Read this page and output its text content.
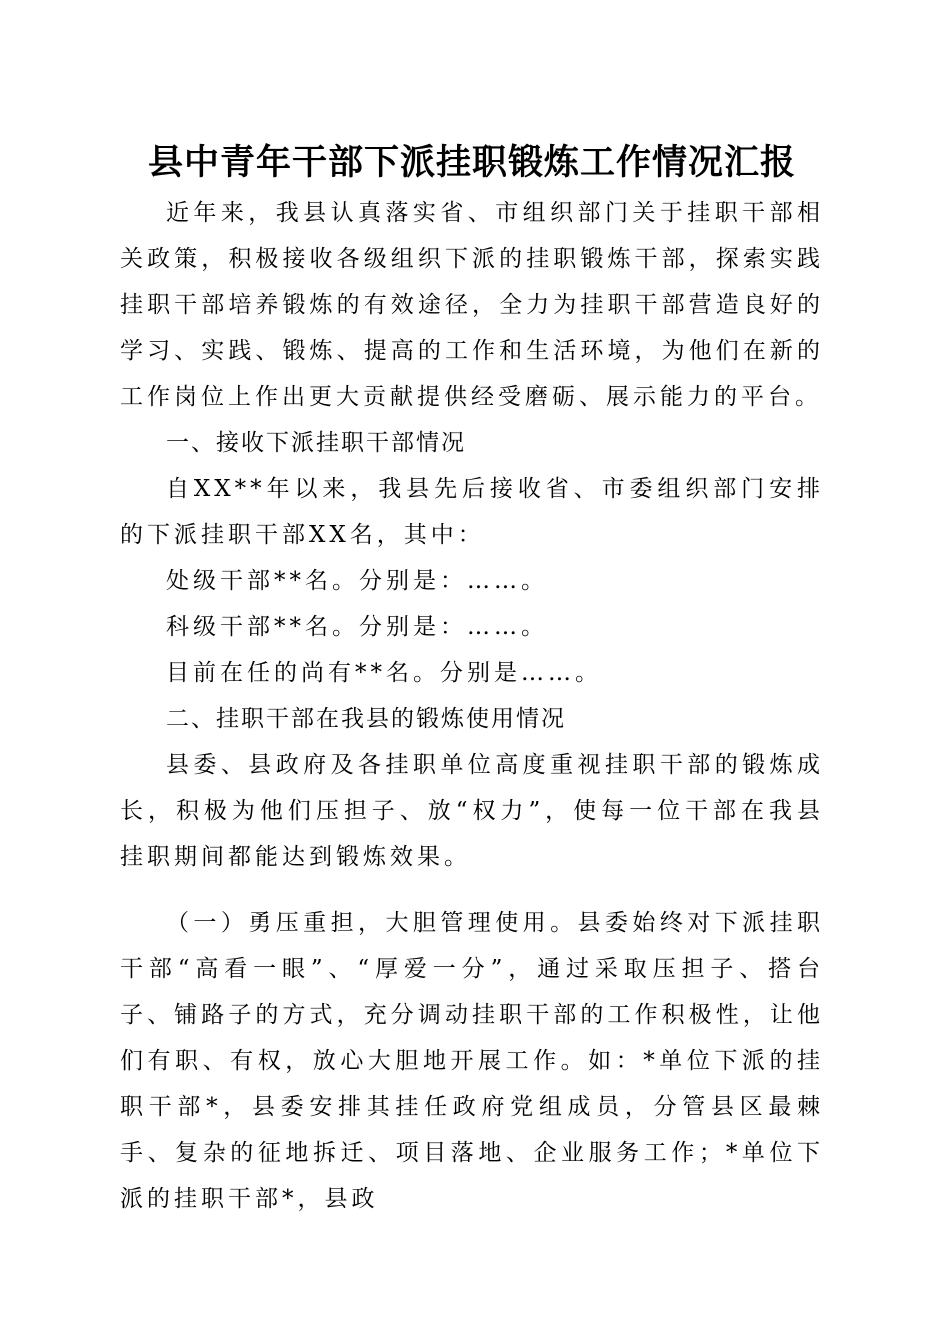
县中青年干部下派挂职锻炼工作情况汇报

近年来，我县认真落实省、市组织部门关于挂职干部相关政策，积极接收各级组织下派的挂职锻炼干部，探索实践挂职干部培养锻炼的有效途径，全力为挂职干部营造良好的学习、实践、锻炼、提高的工作和生活环境，为他们在新的工作岗位上作出更大贡献提供经受磨砺、展示能力的平台。

一、接收下派挂职干部情况

自XX**年以来，我县先后接收省、市委组织部门安排的下派挂职干部XX名，其中：

处级干部**名。分别是：……。

科级干部**名。分别是：……。

目前在任的尚有**名。分别是……。

二、挂职干部在我县的锻炼使用情况

县委、县政府及各挂职单位高度重视挂职干部的锻炼成长，积极为他们压担子、放“权力”，使每一位干部在我县挂职期间都能达到锻炼效果。

（一）勇压重担，大胆管理使用。县委始终对下派挂职干部“高看一眼”、“厚爱一分”，通过采取压担子、搭台子、铺路子的方式，充分调动挂职干部的工作积极性，让他们有职、有权，放心大胆地开展工作。如：*单位下派的挂职干部*，县委安排其挂任政府党组成员，分管县区最棘手、复杂的征地拆迁、项目落地、企业服务工作；*单位下派的挂职干部*，县政
